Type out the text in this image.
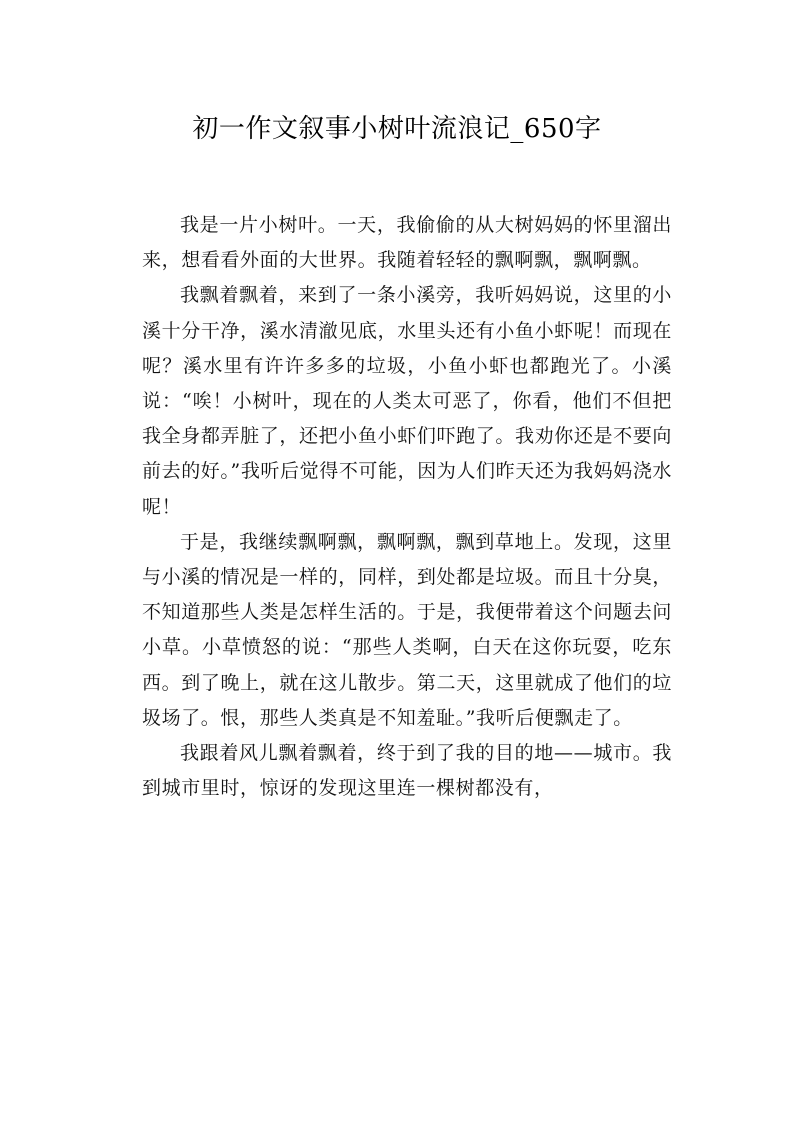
初一作文叙事小树叶流浪记_650字

我是一片小树叶。一天，我偷偷的从大树妈妈的怀里溜出来，想看看外面的大世界。我随着轻轻的飘啊飘，飘啊飘。

我飘着飘着，来到了一条小溪旁，我听妈妈说，这里的小溪十分干净，溪水清澈见底，水里头还有小鱼小虾呢！而现在呢？溪水里有许许多多的垃圾，小鱼小虾也都跑光了。小溪说：“唉！小树叶，现在的人类太可恶了，你看，他们不但把我全身都弄脏了，还把小鱼小虾们吓跑了。我劝你还是不要向前去的好。”我听后觉得不可能，因为人们昨天还为我妈妈浇水呢！

于是，我继续飘啊飘，飘啊飘，飘到草地上。发现，这里与小溪的情况是一样的，同样，到处都是垃圾。而且十分臭，不知道那些人类是怎样生活的。于是，我便带着这个问题去问小草。小草愤怒的说：“那些人类啊，白天在这你玩耍，吃东西。到了晚上，就在这儿散步。第二天，这里就成了他们的垃圾场了。恨，那些人类真是不知羞耻。”我听后便飘走了。

我跟着风儿飘着飘着，终于到了我的目的地——城市。我到城市里时，惊讶的发现这里连一棵树都没有，
